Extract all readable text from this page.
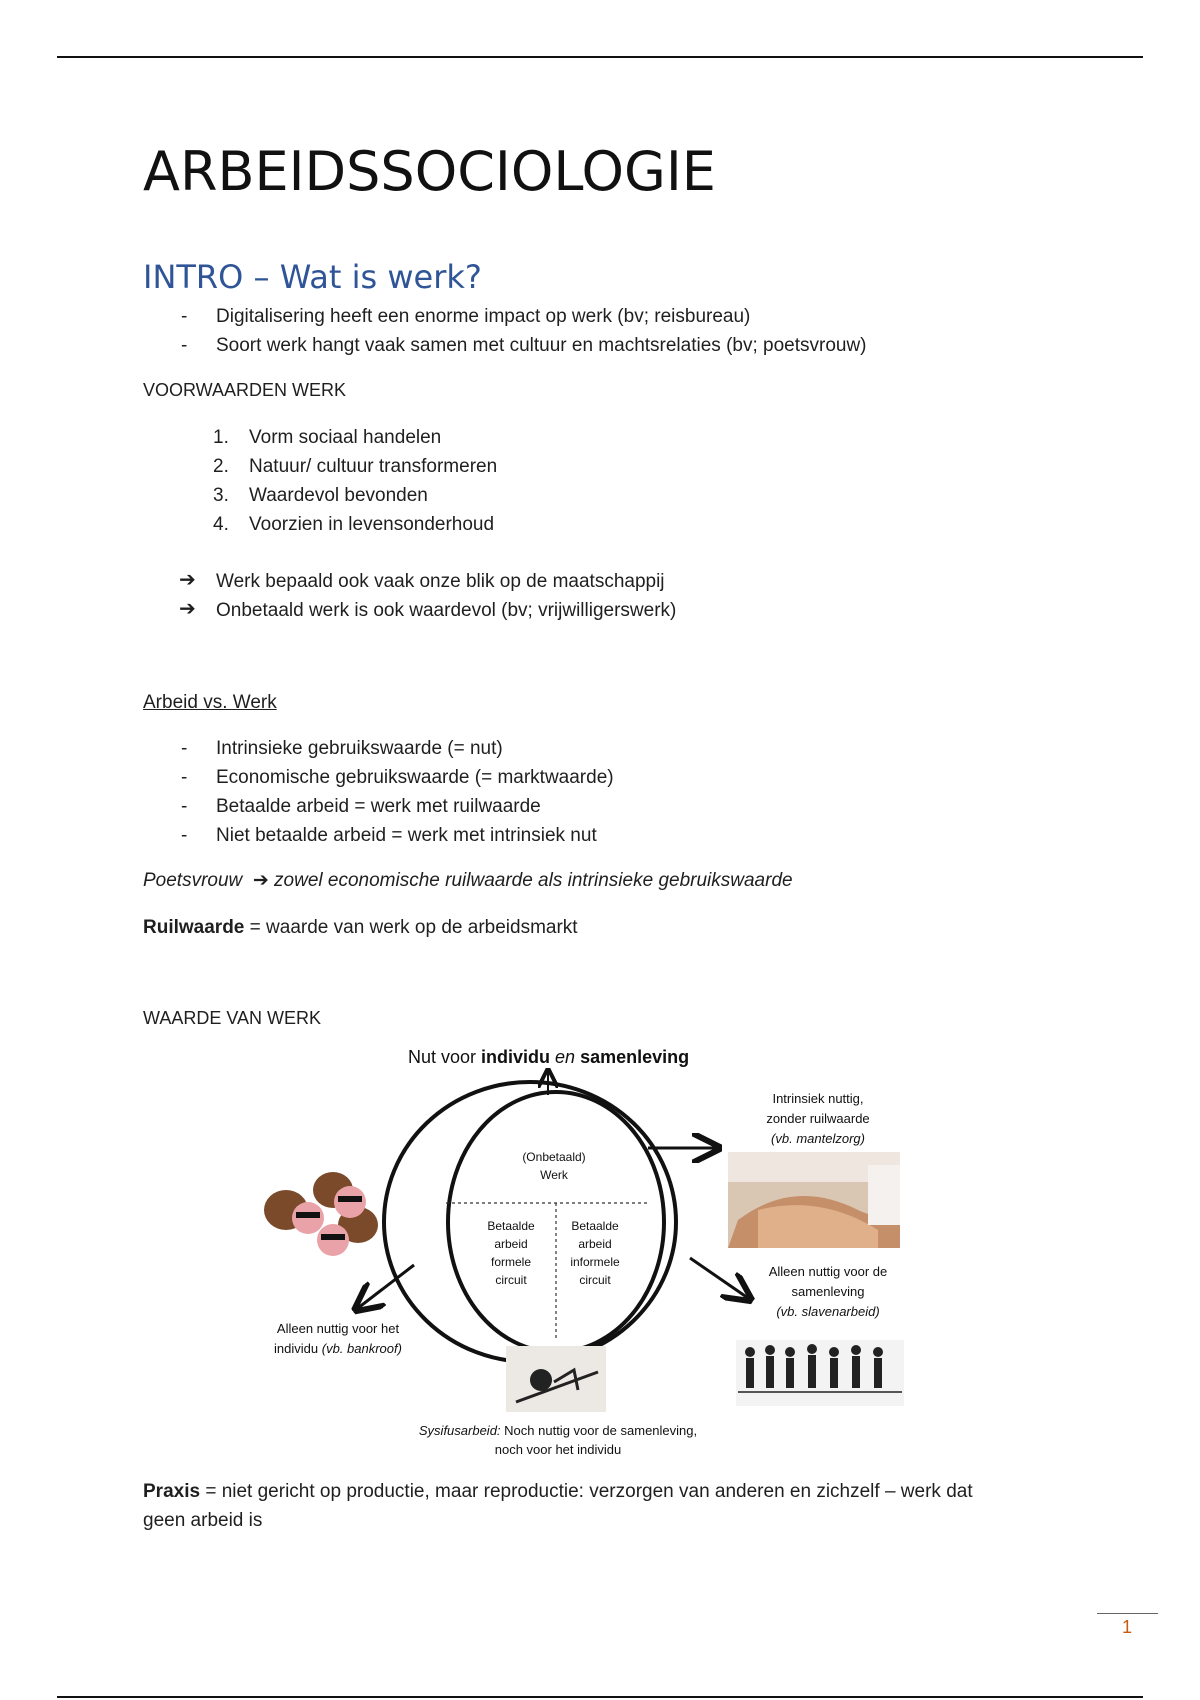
ARBEIDSSOCIOLOGIE
INTRO – Wat is werk?
- Digitalisering heeft een enorme impact op werk (bv; reisbureau)
- Soort werk hangt vaak samen met cultuur en machtsrelaties (bv; poetsvrouw)
VOORWAARDEN WERK
1. Vorm sociaal handelen
2. Natuur/ cultuur transformeren
3. Waardevol bevonden
4. Voorzien in levensonderhoud
➔ Werk bepaald ook vaak onze blik op de maatschappij
➔ Onbetaald werk is ook waardevol (bv; vrijwilligerswerk)
Arbeid vs. Werk
- Intrinsieke gebruikswaarde (= nut)
- Economische gebruikswaarde (= marktwaarde)
- Betaalde arbeid = werk met ruilwaarde
- Niet betaalde arbeid = werk met intrinsiek nut
Poetsvrouw  ➔ zowel economische ruilwaarde als intrinsieke gebruikswaarde
Ruilwaarde = waarde van werk op de arbeidsmarkt
WAARDE VAN WERK
Praxis = niet gericht op productie, maar reproductie: verzorgen van anderen en zichzelf – werk dat
geen arbeid is
Nut voor individu en samenleving
(Onbetaald)
Werk
Betaalde
arbeid
formele
circuit
Betaalde
arbeid
informele
circuit
Intrinsiek nuttig,
zonder ruilwaarde
(vb. mantelzorg)
Alleen nuttig voor de
samenleving
(vb. slavenarbeid)
Alleen nuttig voor het
individu (vb. bankroof)
Sysifusarbeid: Noch nuttig voor de samenleving,
noch voor het individu
1
